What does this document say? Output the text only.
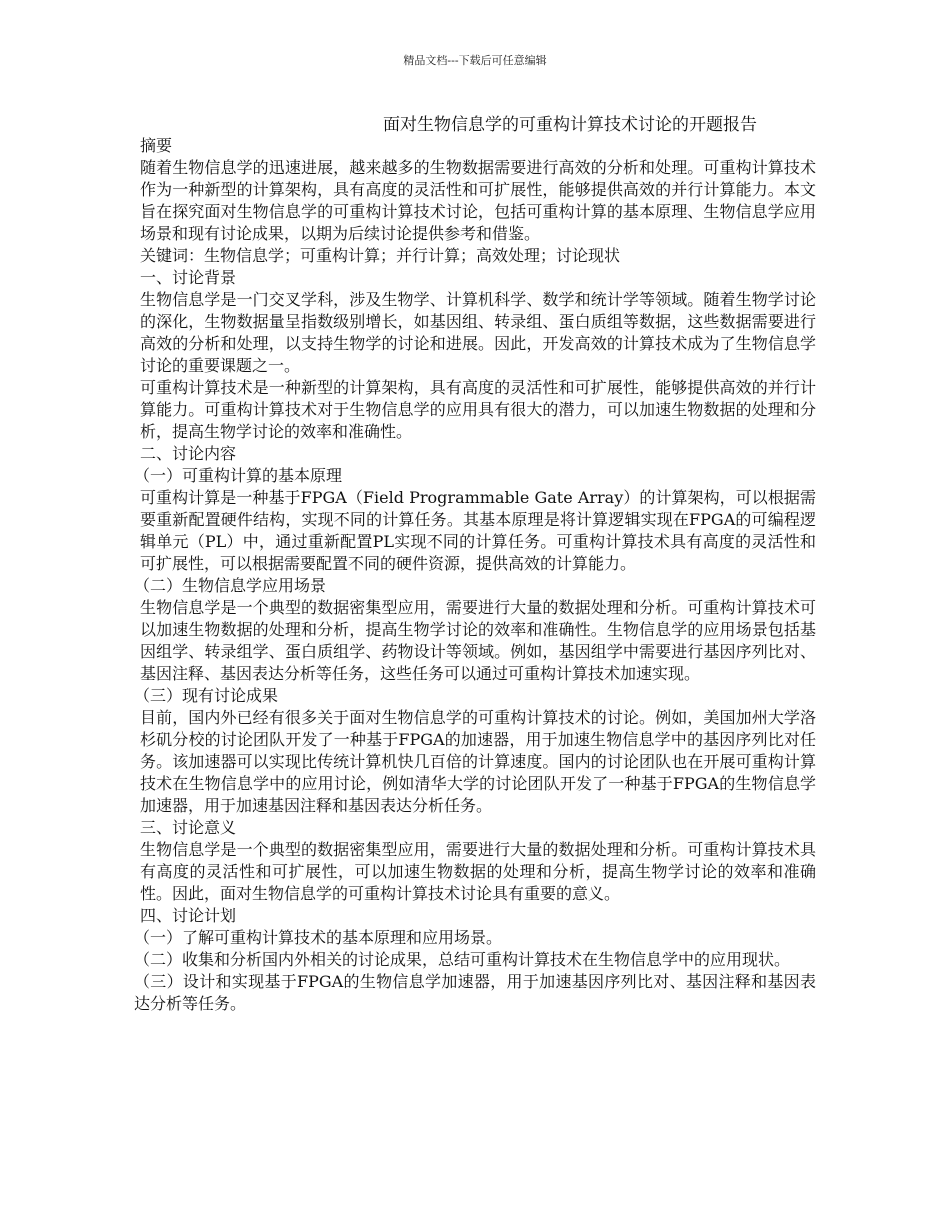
精品文档---下载后可任意编辑
面对生物信息学的可重构计算技术讨论的开题报告

摘要

随着生物信息学的迅速进展，越来越多的生物数据需要进行高效的分析和处理。可重构计算技术作为一种新型的计算架构，具有高度的灵活性和可扩展性，能够提供高效的并行计算能力。本文旨在探究面对生物信息学的可重构计算技术讨论，包括可重构计算的基本原理、生物信息学应用场景和现有讨论成果，以期为后续讨论提供参考和借鉴。

关键词：生物信息学；可重构计算；并行计算；高效处理；讨论现状

一、讨论背景

生物信息学是一门交叉学科，涉及生物学、计算机科学、数学和统计学等领域。随着生物学讨论的深化，生物数据量呈指数级别增长，如基因组、转录组、蛋白质组等数据，这些数据需要进行高效的分析和处理，以支持生物学的讨论和进展。因此，开发高效的计算技术成为了生物信息学讨论的重要课题之一。

可重构计算技术是一种新型的计算架构，具有高度的灵活性和可扩展性，能够提供高效的并行计算能力。可重构计算技术对于生物信息学的应用具有很大的潜力，可以加速生物数据的处理和分析，提高生物学讨论的效率和准确性。

二、讨论内容

（一）可重构计算的基本原理

可重构计算是一种基于FPGA（Field Programmable Gate Array）的计算架构，可以根据需要重新配置硬件结构，实现不同的计算任务。其基本原理是将计算逻辑实现在FPGA的可编程逻辑单元（PL）中，通过重新配置PL实现不同的计算任务。可重构计算技术具有高度的灵活性和可扩展性，可以根据需要配置不同的硬件资源，提供高效的计算能力。

（二）生物信息学应用场景

生物信息学是一个典型的数据密集型应用，需要进行大量的数据处理和分析。可重构计算技术可以加速生物数据的处理和分析，提高生物学讨论的效率和准确性。生物信息学的应用场景包括基因组学、转录组学、蛋白质组学、药物设计等领域。例如，基因组学中需要进行基因序列比对、基因注释、基因表达分析等任务，这些任务可以通过可重构计算技术加速实现。

（三）现有讨论成果

目前，国内外已经有很多关于面对生物信息学的可重构计算技术的讨论。例如，美国加州大学洛杉矶分校的讨论团队开发了一种基于FPGA的加速器，用于加速生物信息学中的基因序列比对任务。该加速器可以实现比传统计算机快几百倍的计算速度。国内的讨论团队也在开展可重构计算技术在生物信息学中的应用讨论，例如清华大学的讨论团队开发了一种基于FPGA的生物信息学加速器，用于加速基因注释和基因表达分析任务。

三、讨论意义

生物信息学是一个典型的数据密集型应用，需要进行大量的数据处理和分析。可重构计算技术具有高度的灵活性和可扩展性，可以加速生物数据的处理和分析，提高生物学讨论的效率和准确性。因此，面对生物信息学的可重构计算技术讨论具有重要的意义。

四、讨论计划

（一）了解可重构计算技术的基本原理和应用场景。

（二）收集和分析国内外相关的讨论成果，总结可重构计算技术在生物信息学中的应用现状。

（三）设计和实现基于FPGA的生物信息学加速器，用于加速基因序列比对、基因注释和基因表达分析等任务。
